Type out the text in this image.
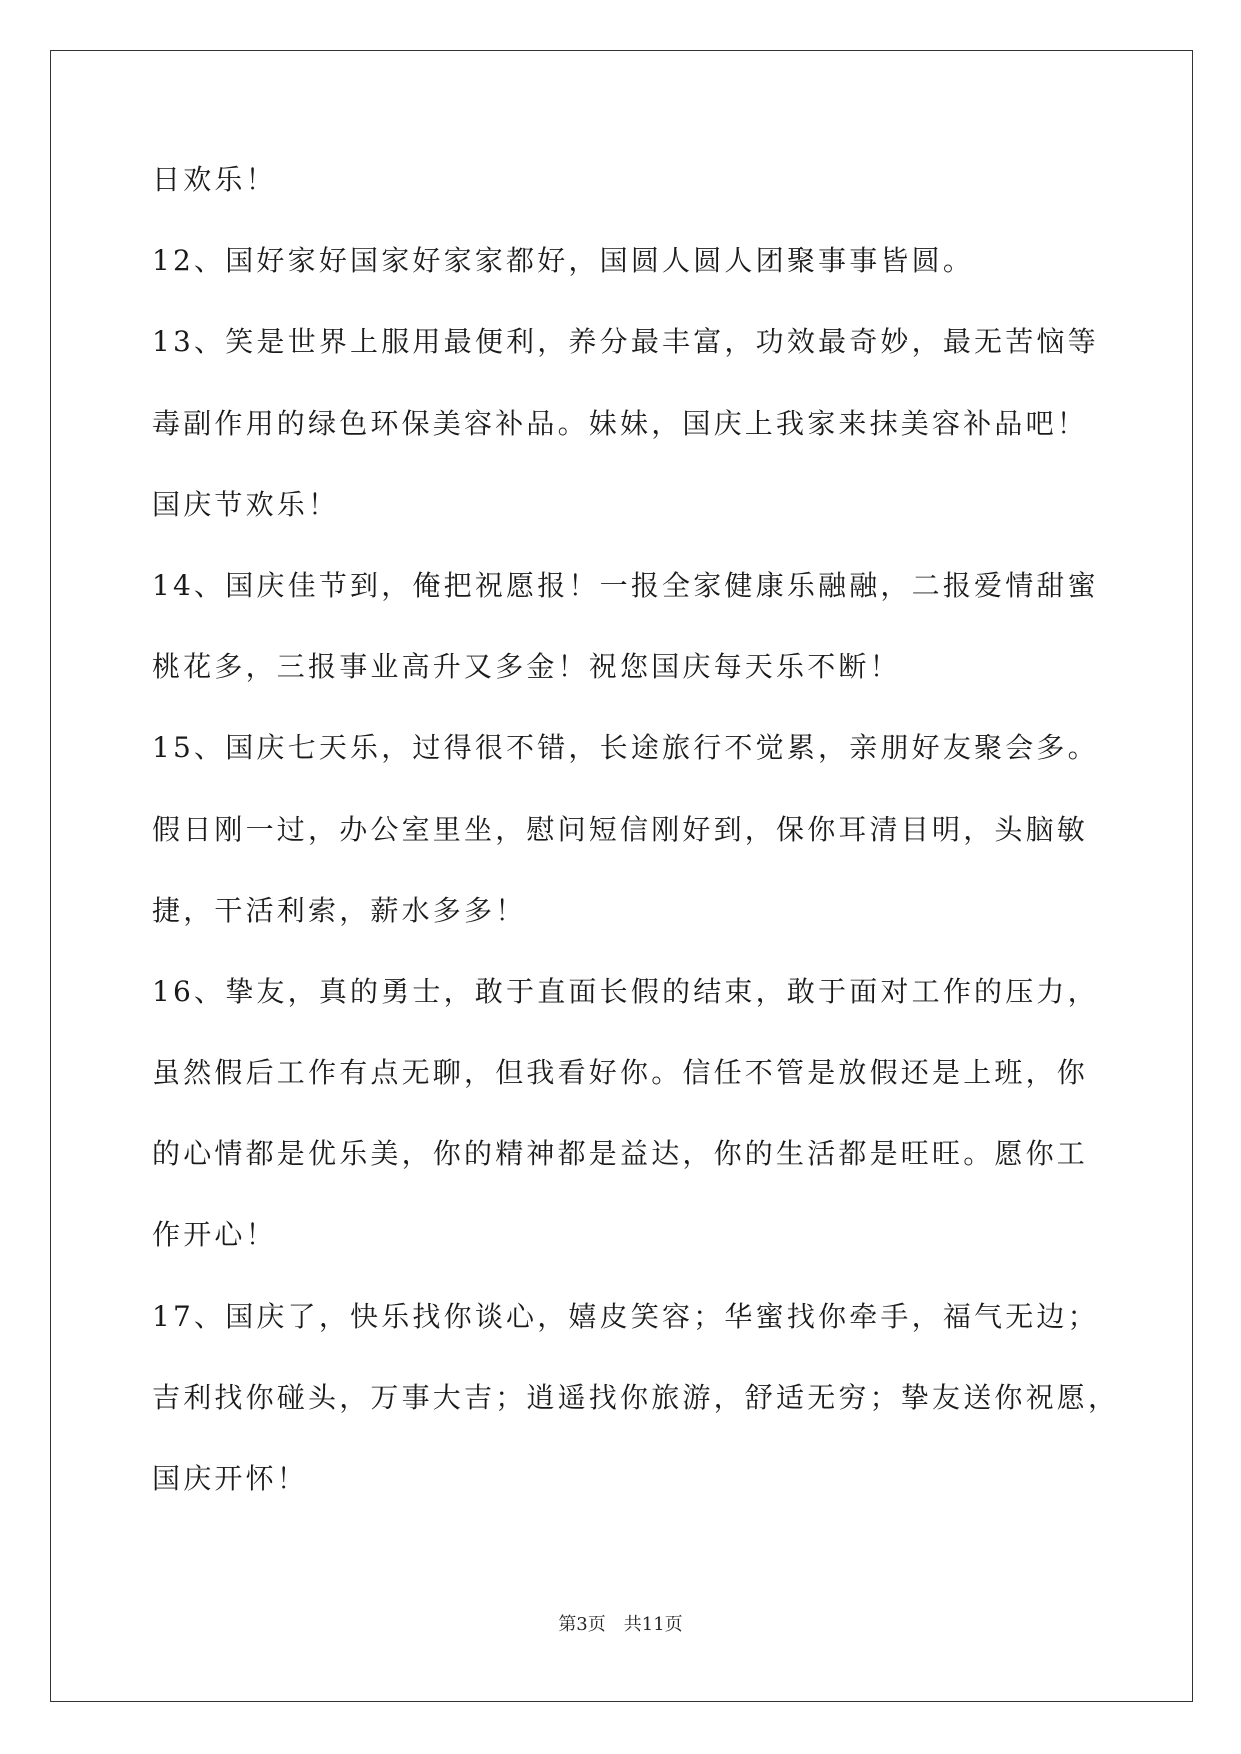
日欢乐！
12、国好家好国家好家家都好，国圆人圆人团聚事事皆圆。
13、笑是世界上服用最便利，养分最丰富，功效最奇妙，最无苦恼等
毒副作用的绿色环保美容补品。妹妹，国庆上我家来抹美容补品吧！
国庆节欢乐！
14、国庆佳节到，俺把祝愿报！一报全家健康乐融融，二报爱情甜蜜
桃花多，三报事业高升又多金！祝您国庆每天乐不断！
15、国庆七天乐，过得很不错，长途旅行不觉累，亲朋好友聚会多。
假日刚一过，办公室里坐，慰问短信刚好到，保你耳清目明，头脑敏
捷，干活利索，薪水多多！
16、挚友，真的勇士，敢于直面长假的结束，敢于面对工作的压力，
虽然假后工作有点无聊，但我看好你。信任不管是放假还是上班，你
的心情都是优乐美，你的精神都是益达，你的生活都是旺旺。愿你工
作开心！
17、国庆了，快乐找你谈心，嬉皮笑容；华蜜找你牵手，福气无边；
吉利找你碰头，万事大吉；逍遥找你旅游，舒适无穷；挚友送你祝愿，
国庆开怀！
第3页　共11页
